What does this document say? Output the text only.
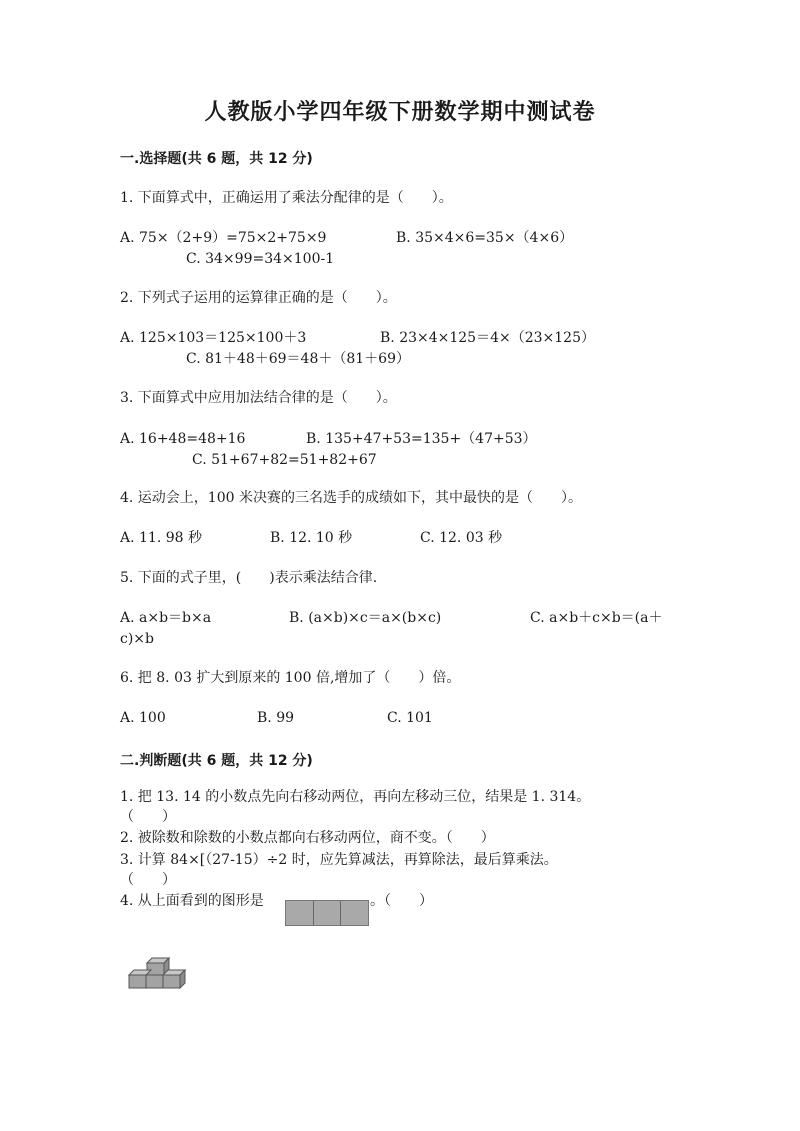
人教版小学四年级下册数学期中测试卷
一.选择题(共 6 题，共 12 分)
1. 下面算式中，正确运用了乘法分配律的是（　　）。
A. 75×（2+9）=75×2+75×9	B. 35×4×6=35×（4×6）
C. 34×99=34×100-1
2. 下列式子运用的运算律正确的是（　　）。
A. 125×103＝125×100＋3	B. 23×4×125＝4×（23×125）
C. 81＋48＋69＝48＋（81＋69）
3. 下面算式中应用加法结合律的是（　　）。
A. 16+48=48+16	B. 135+47+53=135+（47+53）
C. 51+67+82=51+82+67
4. 运动会上，100 米决赛的三名选手的成绩如下，其中最快的是（　　）。
A. 11. 98 秒	B. 12. 10 秒	C. 12. 03 秒
5. 下面的式子里，(　　)表示乘法结合律.
A. a×b＝b×a	B. (a×b)×c＝a×(b×c)	C. a×b＋c×b＝(a＋
c)×b
6. 把 8. 03 扩大到原来的 100 倍,增加了（　　）倍。
A. 100	B. 99	C. 101
二.判断题(共 6 题，共 12 分)
1. 把 13. 14 的小数点先向右移动两位，再向左移动三位，结果是 1. 314。
（　　）
2. 被除数和除数的小数点都向右移动两位，商不变。（　　）
3. 计算 84×[（27-15）÷2 时，应先算减法，再算除法，最后算乘法。
（　　）
4. 从上面看到的图形是	。（　　）
